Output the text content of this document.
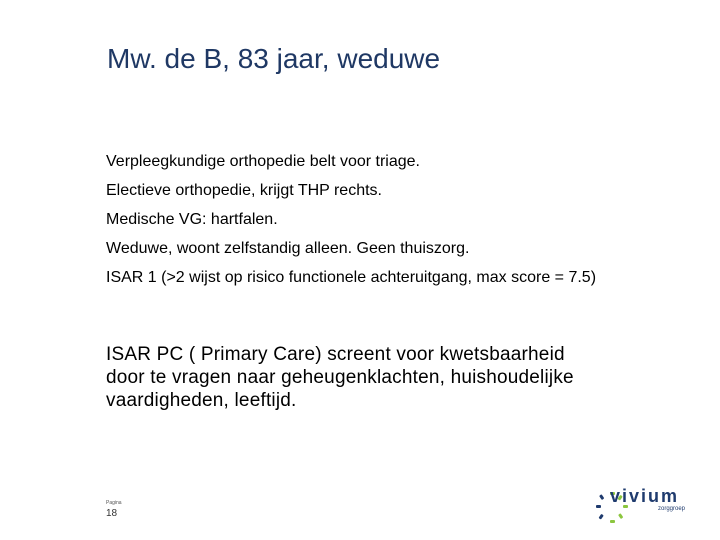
Mw. de B, 83 jaar, weduwe
Verpleegkundige orthopedie belt voor triage.
Electieve orthopedie, krijgt THP rechts.
Medische VG: hartfalen.
Weduwe, woont zelfstandig alleen. Geen thuiszorg.
ISAR 1 (>2 wijst op risico functionele achteruitgang, max score = 7.5)
ISAR PC ( Primary Care) screent voor kwetsbaarheid door te vragen naar geheugenklachten, huishoudelijke vaardigheden, leeftijd.
Pagina
18
vivium
zorggroep
